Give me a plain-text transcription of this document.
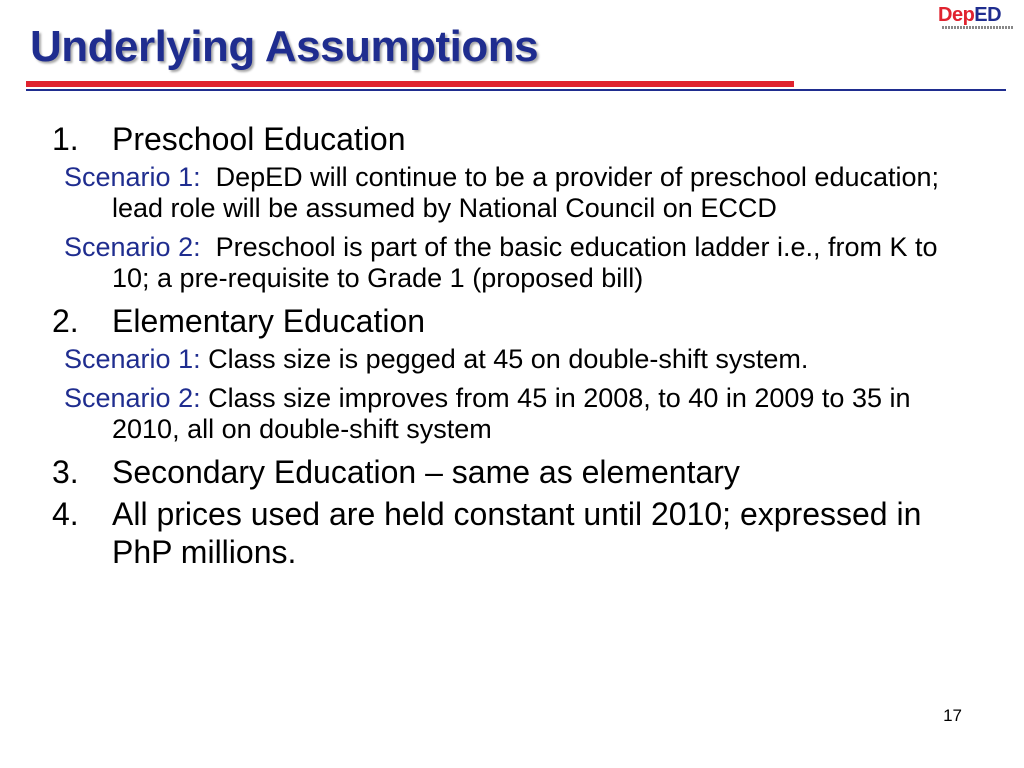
Underlying Assumptions
DepED
1. Preschool Education
Scenario 1: DepED will continue to be a provider of preschool education; lead role will be assumed by National Council on ECCD
Scenario 2: Preschool is part of the basic education ladder i.e., from K to 10; a pre-requisite to Grade 1 (proposed bill)
2. Elementary Education
Scenario 1: Class size is pegged at 45 on double-shift system.
Scenario 2: Class size improves from 45 in 2008, to 40 in 2009 to 35 in 2010, all on double-shift system
3. Secondary Education – same as elementary
4. All prices used are held constant until 2010; expressed in PhP millions.
17
